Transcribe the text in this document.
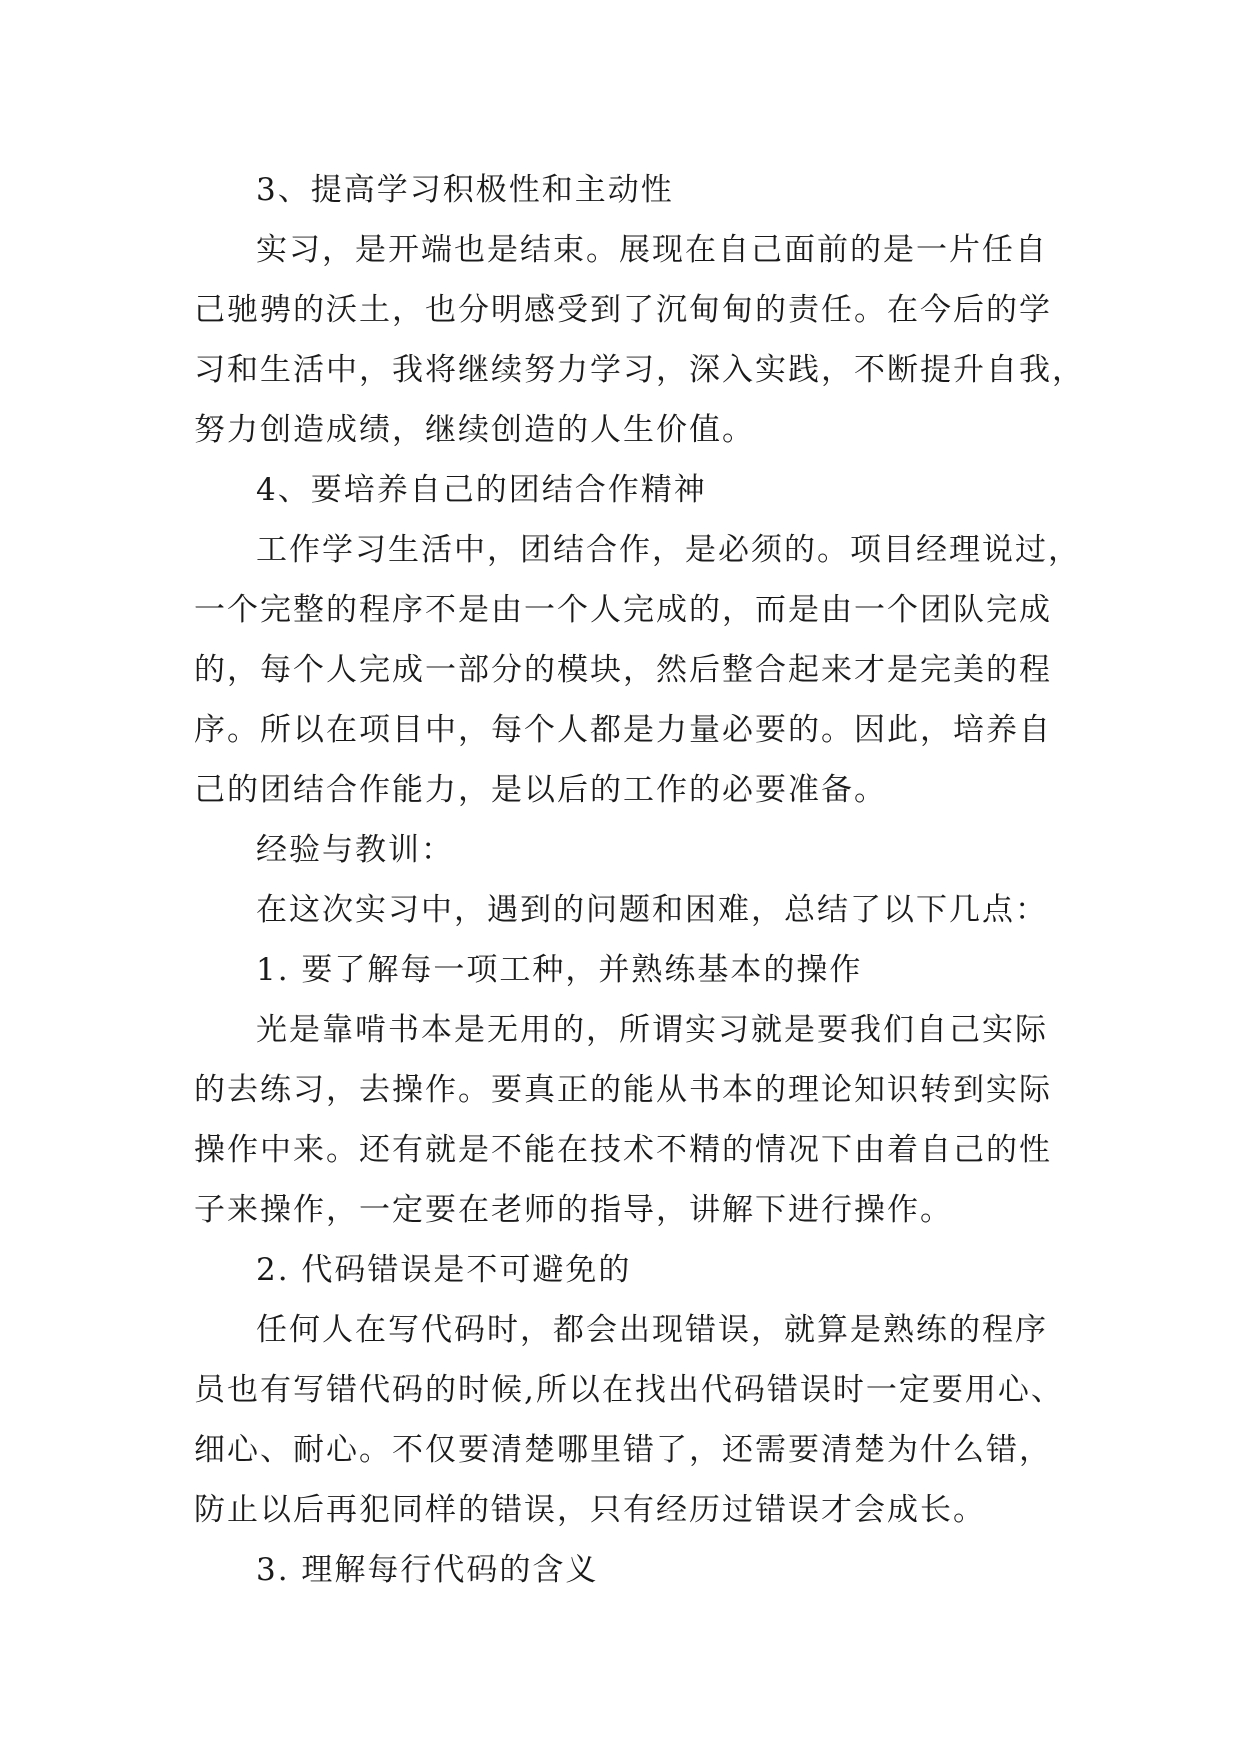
3、提高学习积极性和主动性
实习，是开端也是结束。展现在自己面前的是一片任自
己驰骋的沃土，也分明感受到了沉甸甸的责任。在今后的学
习和生活中，我将继续努力学习，深入实践，不断提升自我，
努力创造成绩，继续创造的人生价值。
4、要培养自己的团结合作精神
工作学习生活中，团结合作，是必须的。项目经理说过，
一个完整的程序不是由一个人完成的，而是由一个团队完成
的，每个人完成一部分的模块，然后整合起来才是完美的程
序。所以在项目中，每个人都是力量必要的。因此，培养自
己的团结合作能力，是以后的工作的必要准备。
经验与教训：
在这次实习中，遇到的问题和困难，总结了以下几点：
1. 要了解每一项工种，并熟练基本的操作
光是靠啃书本是无用的，所谓实习就是要我们自己实际
的去练习，去操作。要真正的能从书本的理论知识转到实际
操作中来。还有就是不能在技术不精的情况下由着自己的性
子来操作，一定要在老师的指导，讲解下进行操作。
2. 代码错误是不可避免的
任何人在写代码时，都会出现错误，就算是熟练的程序
员也有写错代码的时候,所以在找出代码错误时一定要用心、
细心、耐心。不仅要清楚哪里错了，还需要清楚为什么错，
防止以后再犯同样的错误，只有经历过错误才会成长。
3. 理解每行代码的含义
